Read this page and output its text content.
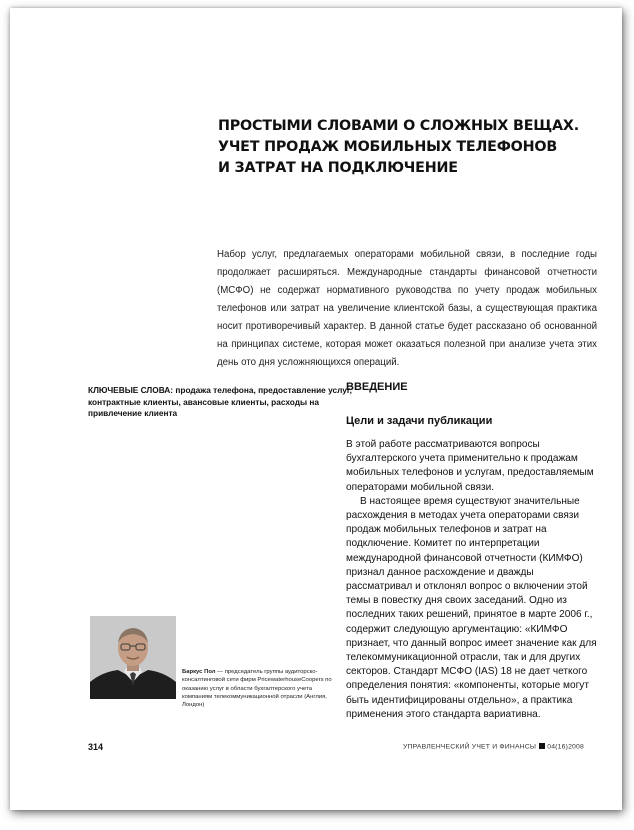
ПРОСТЫМИ СЛОВАМИ О СЛОЖНЫХ ВЕЩАХ.
УЧЕТ ПРОДАЖ МОБИЛЬНЫХ ТЕЛЕФОНОВ
И ЗАТРАТ НА ПОДКЛЮЧЕНИЕ

Набор услуг, предлагаемых операторами мобильной связи, в последние годы продолжает расширяться. Международные стандарты финансовой отчетности (МСФО) не содержат нормативного руководства по учету продаж мобильных телефонов или затрат на увеличение клиентской базы, а существующая практика носит противоречивый характер. В данной статье будет рассказано об основанной на принципах системе, которая может оказаться полезной при анализе учета этих день ото дня усложняющихся операций.

КЛЮЧЕВЫЕ СЛОВА: продажа телефона, предоставление услуг, контрактные клиенты, авансовые клиенты, расходы на привлечение клиента

ВВЕДЕНИЕ
Цели и задачи публикации

В этой работе рассматриваются вопросы бухгалтерского учета применительно к продажам мобильных телефонов и услугам, предоставляемым операторами мобильной связи.

В настоящее время существуют значительные расхождения в методах учета операторами связи продаж мобильных телефонов и затрат на подключение. Комитет по интерпретации международной финансовой отчетности (КИМФО) признал данное расхождение и дважды рассматривал и отклонял вопрос о включении этой темы в повестку дня своих заседаний. Одно из последних таких решений, принятое в марте 2006 г., содержит следующую аргументацию: «КИМФО признает, что данный вопрос имеет значение как для телекоммуникационной отрасли, так и для других секторов. Стандарт МСФО (IAS) 18 не дает четкого определения понятия: «компоненты, которые могут быть идентифицированы отдельно», а практика применения этого стандарта вариативна.

Баркус Пол — председатель группы аудиторско-консалтинговой сети фирм PricewaterhouseCoopers по оказанию услуг в области бухгалтерского учета компаниям телекоммуникационной отрасли (Англия, Лондон)

314	УПРАВЛЕНЧЕСКИЙ УЧЕТ И ФИНАНСЫ 04(16)2008
